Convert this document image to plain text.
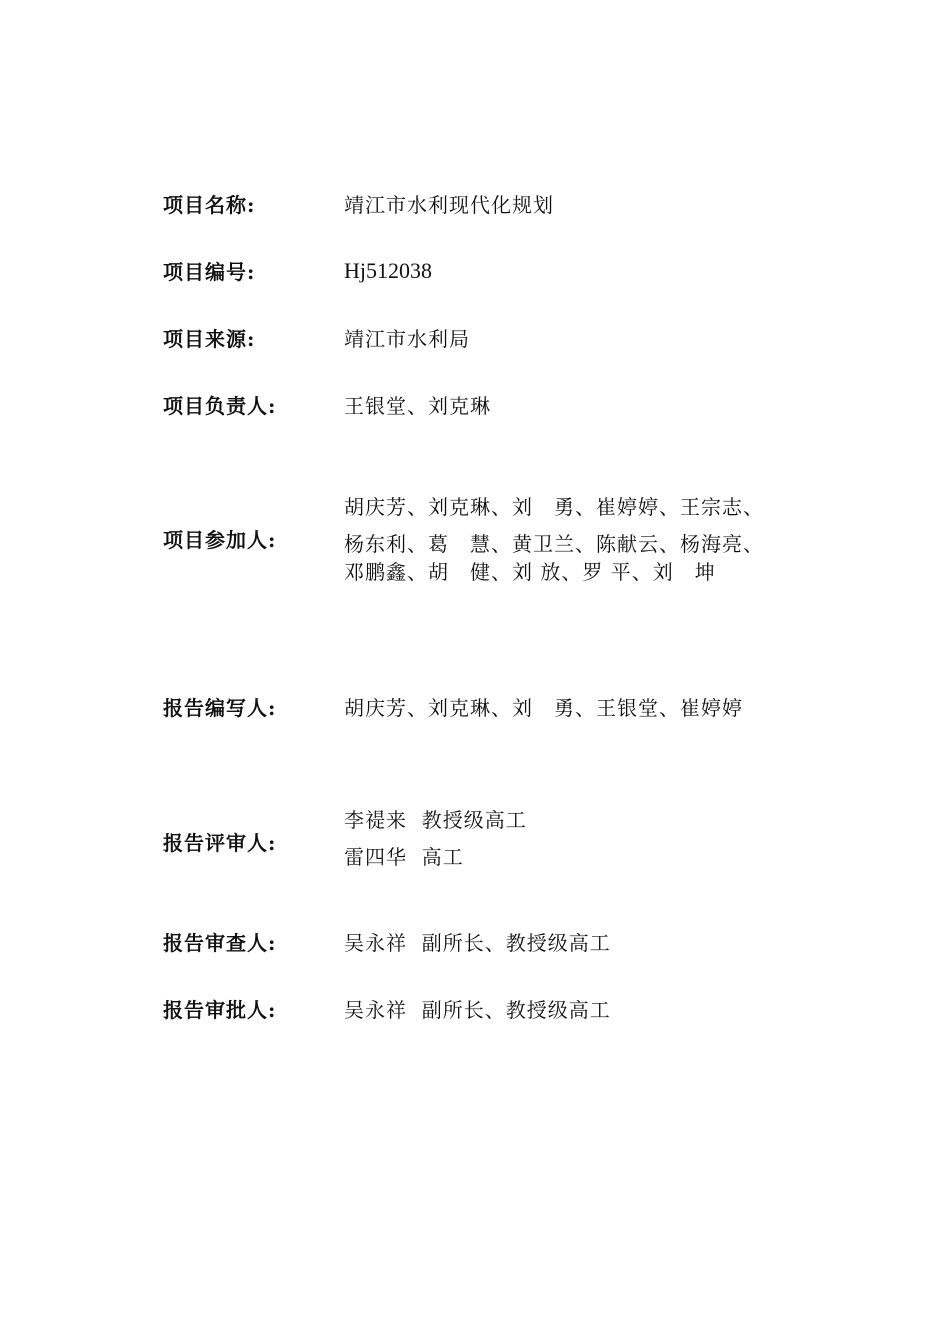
项目名称:	靖江市水利现代化规划
项目编号:	Hj512038
项目来源:	靖江市水利局
项目负责人:	王银堂、刘克琳
项目参加人:
胡庆芳、刘克琳、刘　勇、崔婷婷、王宗志、
杨东利、葛　慧、黄卫兰、陈献云、杨海亮、
邓鹏鑫、胡　健、刘 放、罗 平、刘　坤
报告编写人:	胡庆芳、刘克琳、刘　勇、王银堂、崔婷婷
报告评审人:
李禔来  教授级高工
雷四华  高工
报告审查人:	吴永祥  副所长、教授级高工
报告审批人:	吴永祥  副所长、教授级高工
